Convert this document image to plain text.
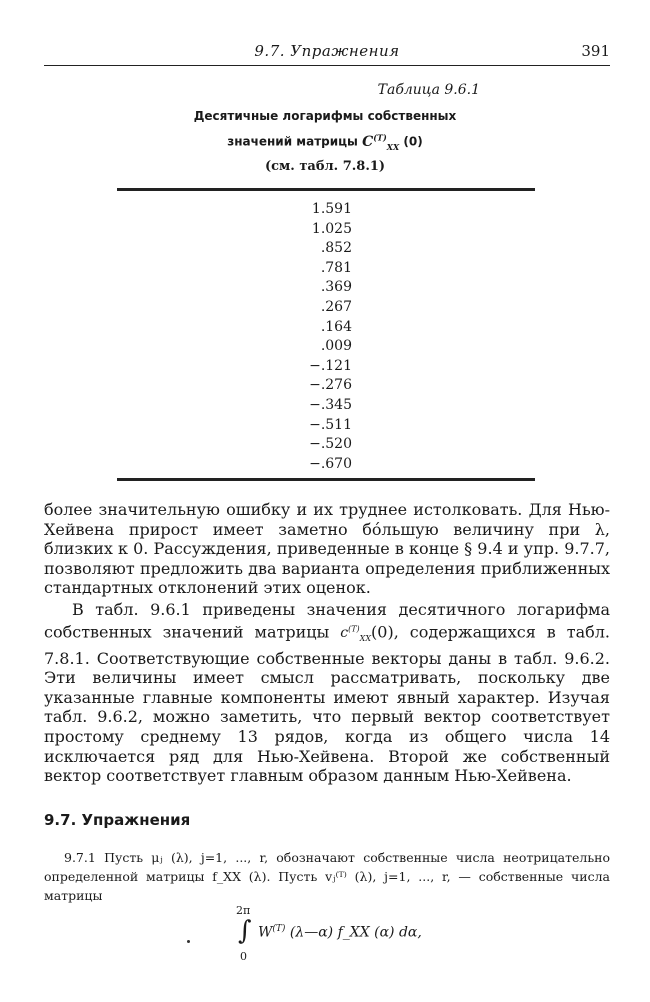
9.7. Упражнения	391
Таблица 9.6.1
Десятичные логарифмы собственных
значений матрицы $C^{(T)}_{XX}$ (0)
(см. табл. 7.8.1)
1.591
1.025
.852
.781
.369
.267
.164
.009
−.121
−.276
−.345
−.511
−.520
−.670

более значительную ошибку и их труднее истолковать. Для Нью-Хейвена прирост имеет заметно бóльшую величину при λ, близких к 0. Рассуждения, приведенные в конце § 9.4 и упр. 9.7.7, позволяют предложить два варианта определения приближенных стандартных отклонений этих оценок.

В табл. 9.6.1 приведены значения десятичного логарифма собственных значений матрицы $c^{(T)}_{XX}(0)$, содержащихся в табл. 7.8.1. Соответствующие собственные векторы даны в табл. 9.6.2. Эти величины имеет смысл рассматривать, поскольку две указанные главные компоненты имеют явный характер. Изучая табл. 9.6.2, можно заметить, что первый вектор соответствует простому среднему 13 рядов, когда из общего числа 14 исключается ряд для Нью-Хейвена. Второй же собственный вектор соответствует главным образом данным Нью-Хейвена.

9.7. Упражнения

9.7.1 Пусть μⱼ (λ), j=1, ..., r, обозначают собственные числа неотрицательно определенной матрицы f_XX (λ). Пусть vⱼ⁽ᵀ⁾ (λ), j=1, ..., r, — собственные числа матрицы

2π
∫
0
$W^{(T)}$ (λ—α) f_XX (α) dα,
